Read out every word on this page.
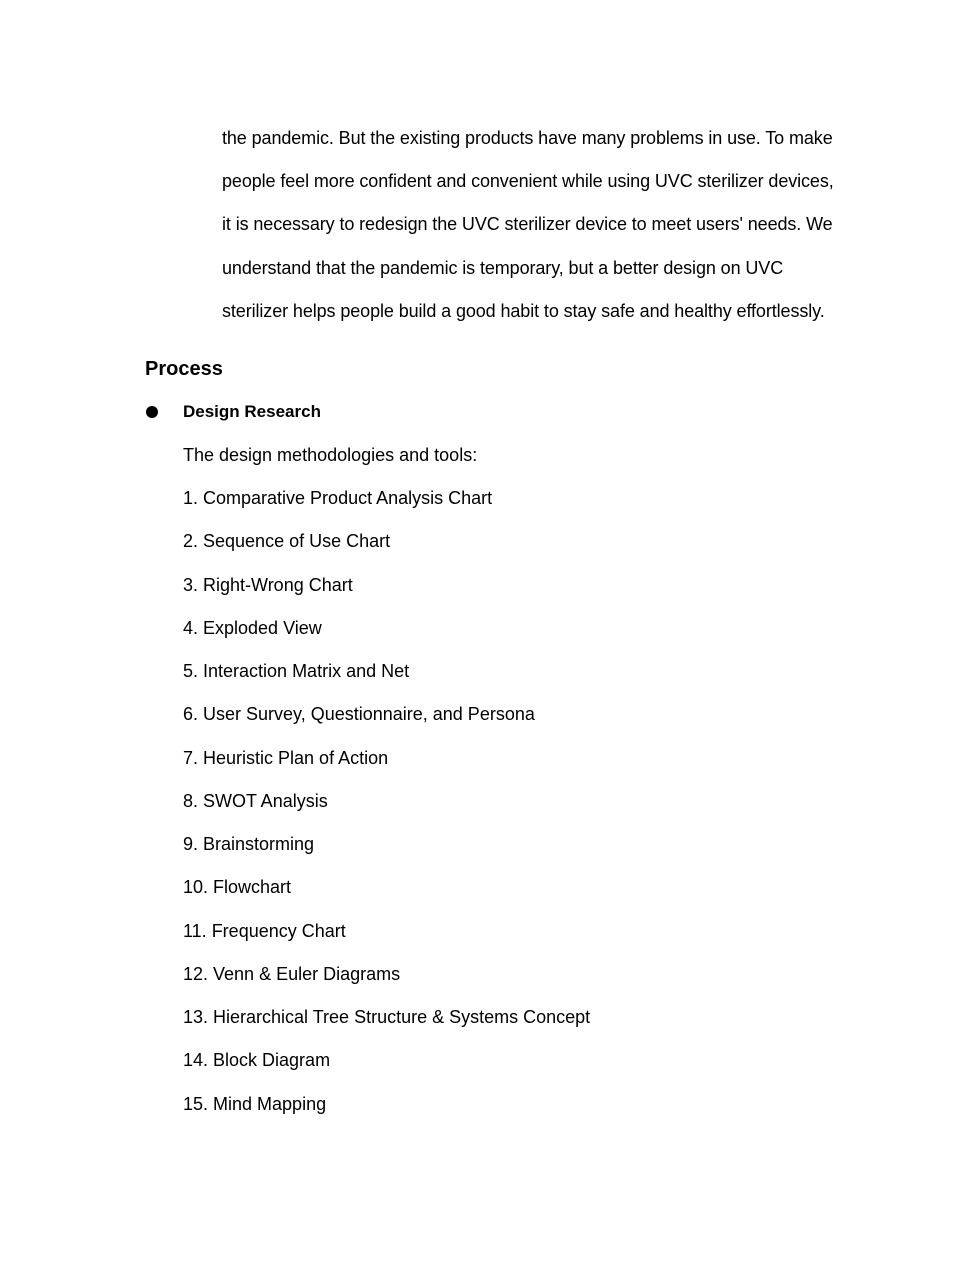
the pandemic. But the existing products have many problems in use. To make
people feel more confident and convenient while using UVC sterilizer devices,
it is necessary to redesign the UVC sterilizer device to meet users' needs. We
understand that the pandemic is temporary, but a better design on UVC
sterilizer helps people build a good habit to stay safe and healthy effortlessly.
Process
Design Research
The design methodologies and tools:
1. Comparative Product Analysis Chart
2. Sequence of Use Chart
3. Right-Wrong Chart
4. Exploded View
5. Interaction Matrix and Net
6. User Survey, Questionnaire, and Persona
7. Heuristic Plan of Action
8. SWOT Analysis
9. Brainstorming
10. Flowchart
11. Frequency Chart
12. Venn & Euler Diagrams
13. Hierarchical Tree Structure & Systems Concept
14. Block Diagram
15. Mind Mapping
